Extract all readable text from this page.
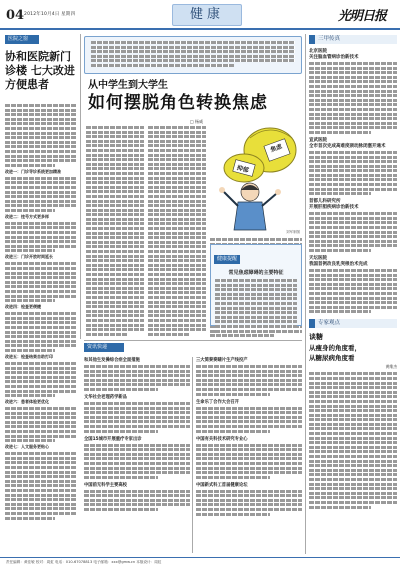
04 2012年10月4日 星期四	健康	光明日报
医院之窗
协和医院新门诊楼 七大改进 方便患者
改进一：门诊导诊系统更加精准
改进二：挂号方式更多样
改进三：门诊开放时间延长
改进四：检查更便捷
改进五：检查结果自助打印
改进六：患者体验更优化
改进七：人文服务更贴心
从中学生到大学生
如何摆脱角色转换焦虑
□ 杨威
焦虑
抑郁
刘军制图
健康提醒
常见焦虑障碍的主要特征
三甲传真
北京医院
关注脑血管病诊治新技术
宣武医院
全市首次完成高难度颈动脉闭塞开通术
首都儿科研究所
开展肝胆疾病诊治新技术
天坛医院
我国首例改良乳突根治术完成
专家观点
谈糖
从瘦身的角度看，
从糖尿病角度看
黄维杰
资讯快递
和其他生发操综合症全面措施
文华社会老理药学新品
全国15城市开展重疗专家出诊
中国前无科学主要高校
三大简奏奏睛片生产线投产
生命乐丁合作大会召开
中国有关科技术研究专业心
中国新式科工首届健康论坛
责任编辑：黄佳敏 校对：周虹 电话：010-67078813 电子邮箱：xxx@gmw.cn 本版设计：周虹
